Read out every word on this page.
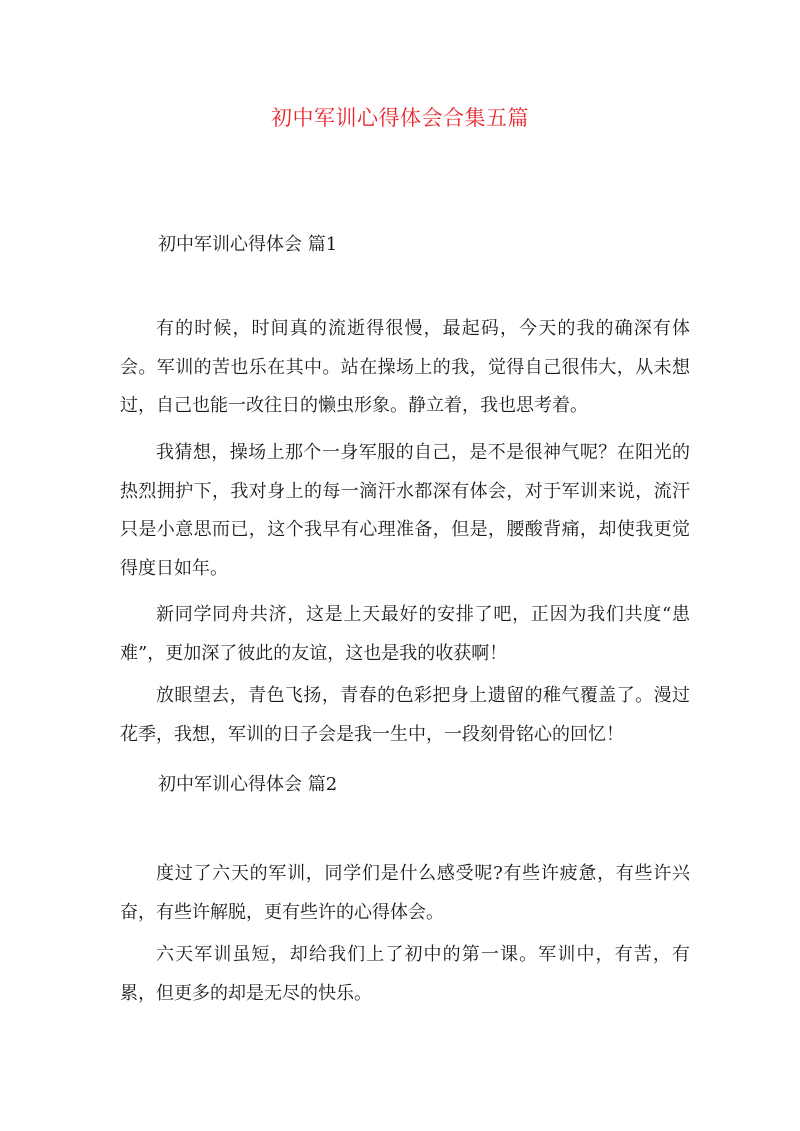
初中军训心得体会合集五篇
初中军训心得体会 篇1

有的时候，时间真的流逝得很慢，最起码，今天的我的确深有体会。军训的苦也乐在其中。站在操场上的我，觉得自己很伟大，从未想过，自己也能一改往日的懒虫形象。静立着，我也思考着。

我猜想，操场上那个一身军服的自己，是不是很神气呢？在阳光的热烈拥护下，我对身上的每一滴汗水都深有体会，对于军训来说，流汗只是小意思而已，这个我早有心理准备，但是，腰酸背痛，却使我更觉得度日如年。

新同学同舟共济，这是上天最好的安排了吧，正因为我们共度“患难”，更加深了彼此的友谊，这也是我的收获啊！

放眼望去，青色飞扬，青春的色彩把身上遗留的稚气覆盖了。漫过花季，我想，军训的日子会是我一生中，一段刻骨铭心的回忆！

初中军训心得体会 篇2

度过了六天的军训，同学们是什么感受呢?有些许疲惫，有些许兴奋，有些许解脱，更有些许的心得体会。

六天军训虽短，却给我们上了初中的第一课。军训中，有苦，有累，但更多的却是无尽的快乐。
